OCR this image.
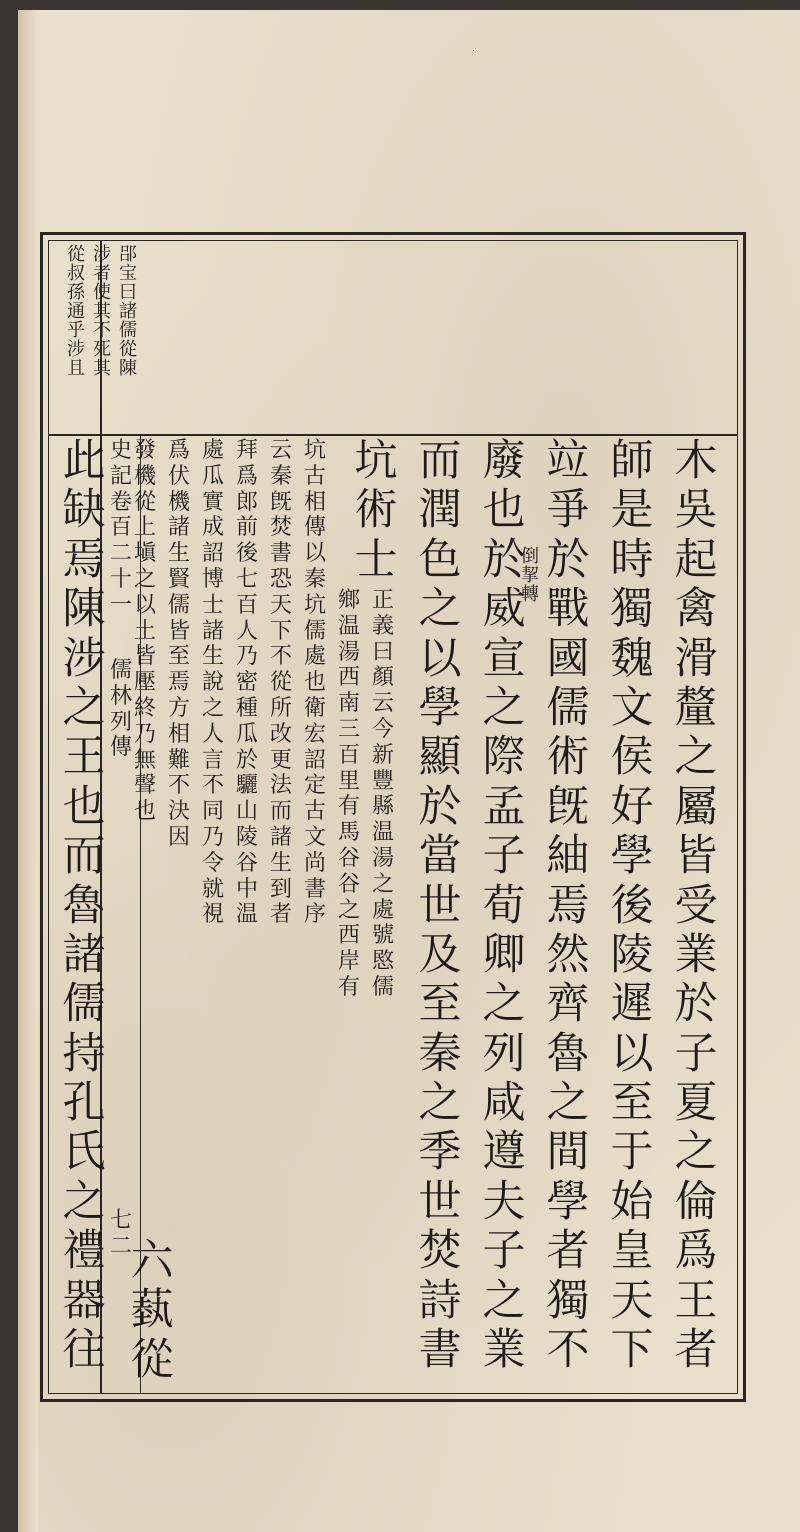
郘
宝
曰
諸
儒
從
陳
涉
者
使
其
不
死
其
從
叔
孫
通
乎
涉
且
史
記
卷
百
二
十
一
儒
林
列
傳
七
二
木
吳
起
禽
滑
釐
之
屬
皆
受
業
於
子
夏
之
倫
爲
王
者
師
是
時
獨
魏
文
侯
好
學
後
陵
遲
以
至
于
始
皇
天
下
竝
爭
於
戰
國
儒
術
旣
紬
焉
然
齊
魯
之
間
學
者
獨
不
廢
也
於
威
宣
之
際
孟
子
荀
卿
之
列
咸
遵
夫
子
之
業
而
潤
色
之
以
學
顯
於
當
世
及
至
秦
之
季
世
焚
詩
書
坑
術
士	倒
挈
轉
正
義
曰
顏
云
今
新
豐
縣
温
湯
之
處
號
愍
儒
鄉
温
湯
西
南
三
百
里
有
馬
谷
谷
之
西
岸
有
坑
古
相
傳
以
秦
坑
儒
處
也
衛
宏
詔
定
古
文
尚
書
序
云
秦
旣
焚
書
恐
天
下
不
從
所
改
更
法
而
諸
生
到
者
拜
爲
郎
前
後
七
百
人
乃
密
種
瓜
於
驪
山
陵
谷
中
温
處
瓜
實
成
詔
博
士
諸
生
說
之
人
言
不
同
乃
令
就
視
爲
伏
機
諸
生
賢
儒
皆
至
焉
方
相
難
不
決
因
發
機
從
上
塡
之
以
土
皆
壓
終
乃
無
聲
也
六
蓺
從
此
缺
焉
陳
涉
之
王
也
而
魯
諸
儒
持
孔
氏
之
禮
器
往
